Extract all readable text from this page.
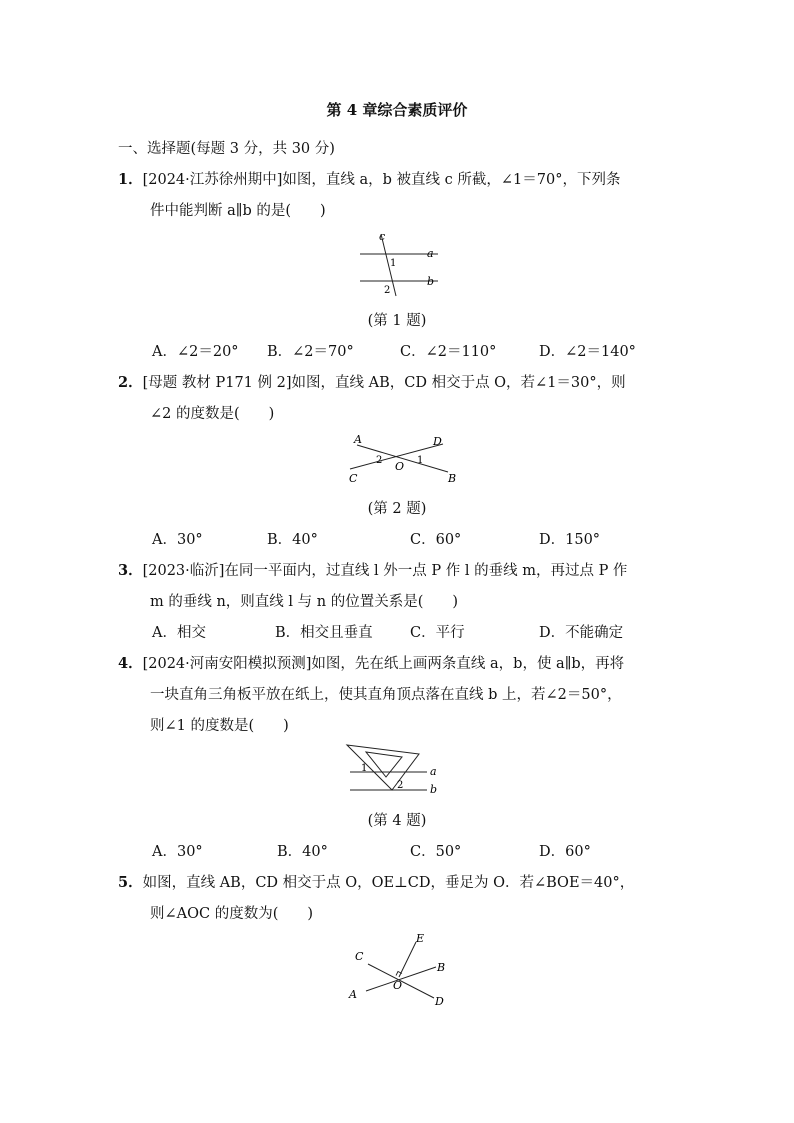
第 4 章综合素质评价
一、选择题(每题 3 分，共 30 分)
1．[2024·江苏徐州期中]如图，直线 a，b 被直线 c 所截，∠1＝70°，下列条
件中能判断 a∥b 的是(　　)
c
a
1
b
2
(第 1 题)
A．∠2＝20° B．∠2＝70°	C．∠2＝110°	D．∠2＝140°
2．[母题 教材 P171 例 2]如图，直线 AB，CD 相交于点 O，若∠1＝30°，则
∠2 的度数是(　　)
A	D
2 O 1
C	B
(第 2 题)
A．30°	B．40°	C．60°	D．150°
3．[2023·临沂]在同一平面内，过直线 l 外一点 P 作 l 的垂线 m，再过点 P 作
m 的垂线 n，则直线 l 与 n 的位置关系是(　　)
A．相交	B．相交且垂直	C．平行	D．不能确定
4．[2024·河南安阳模拟预测]如图，先在纸上画两条直线 a，b，使 a∥b，再将
一块直角三角板平放在纸上，使其直角顶点落在直线 b 上，若∠2＝50°，
则∠1 的度数是(　　)
1	a
2 b
(第 4 题)
A．30°	B．40°	C．50°	D．60°
5．如图，直线 AB，CD 相交于点 O，OE⊥CD，垂足为 O．若∠BOE＝40°，
则∠AOC 的度数为(　　)
E
C
B
O
A
D
